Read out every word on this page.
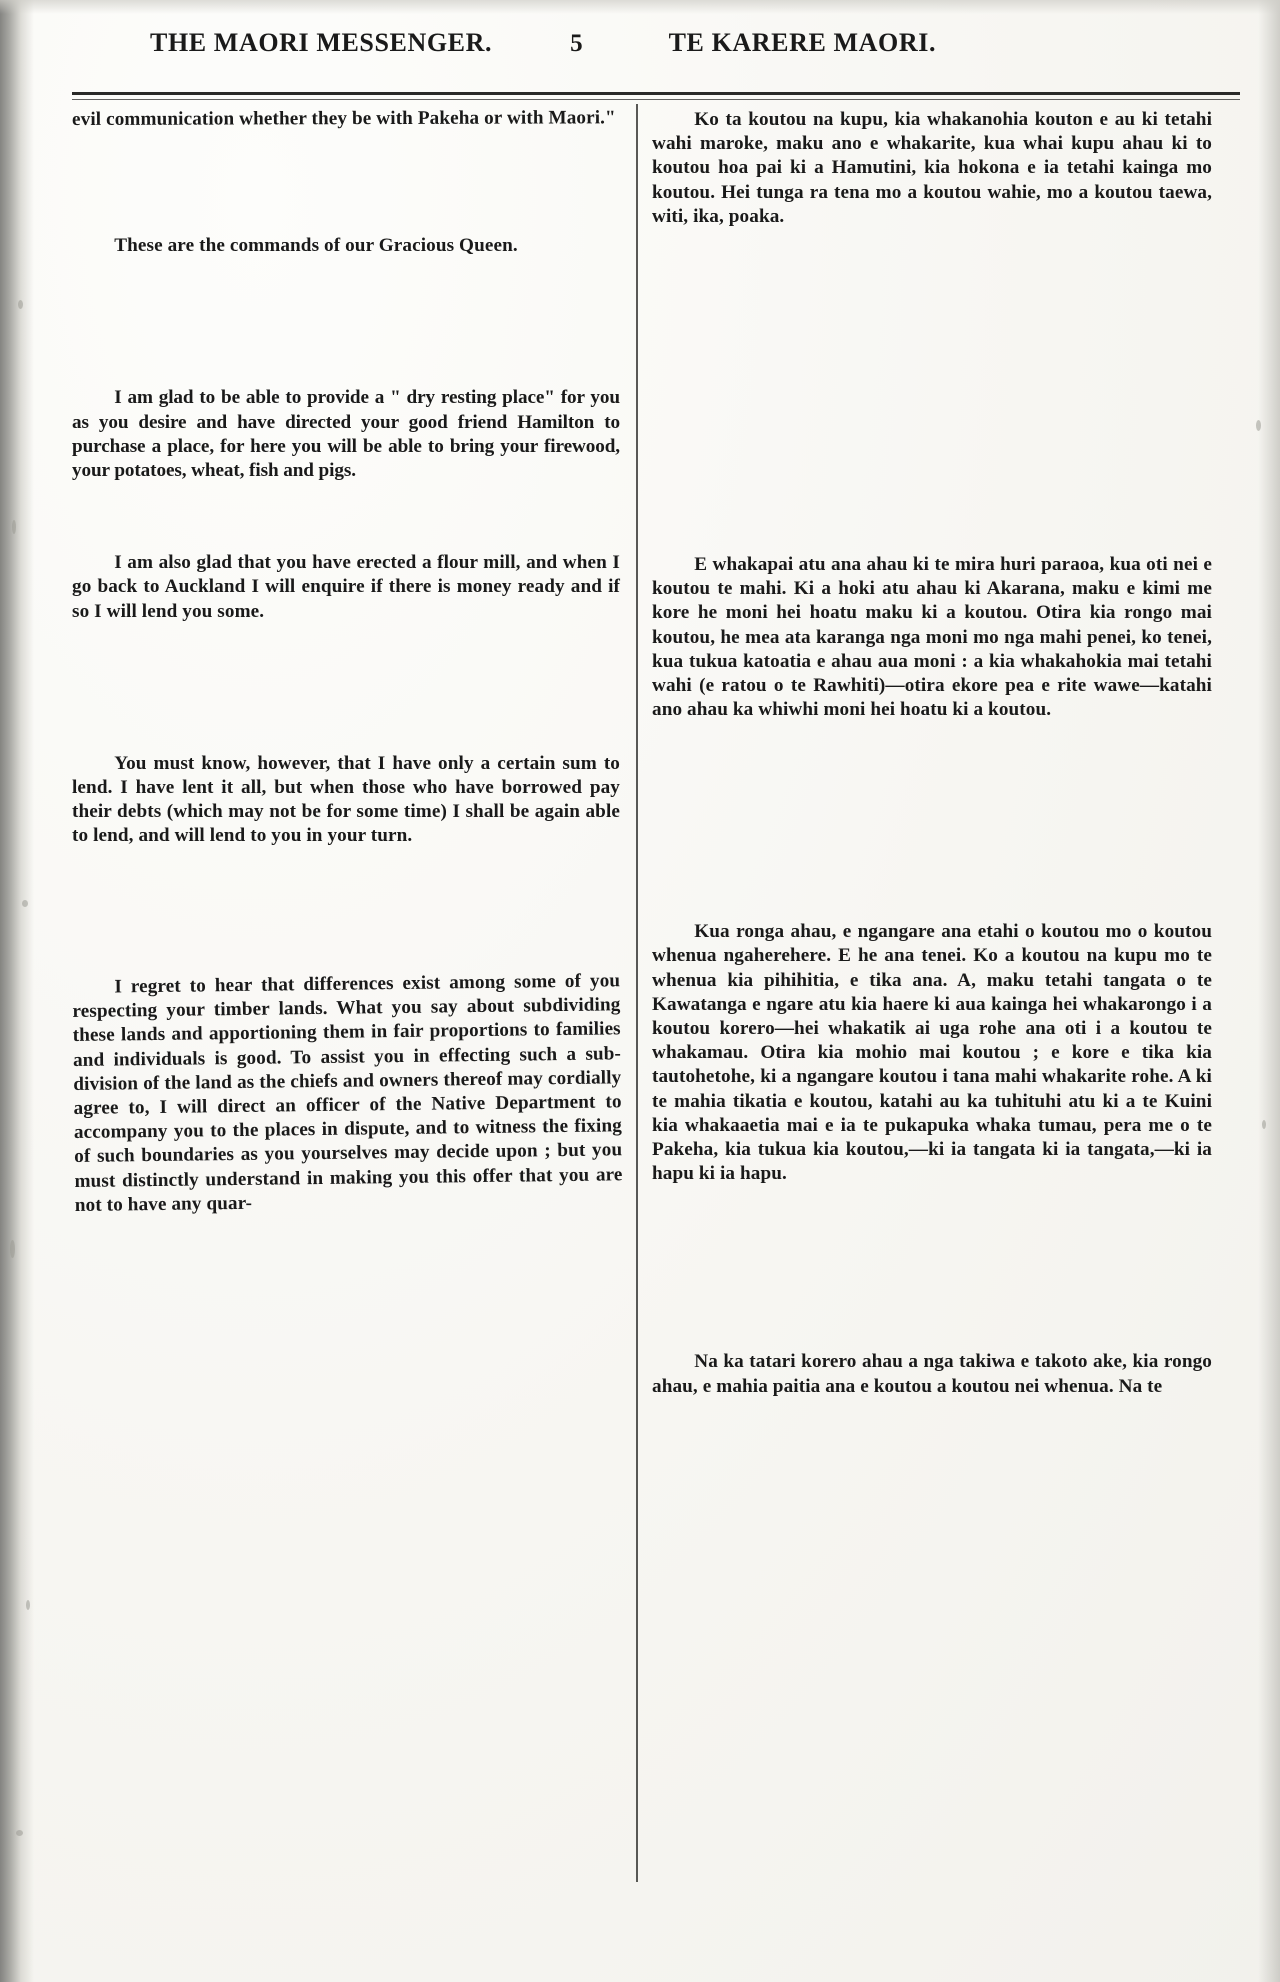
THE MAORI MESSENGER.	5	TE KARERE MAORI.

evil communication whether they be with Pakeha or with Maori."

These are the commands of our Gracious Queen.

I am glad to be able to provide a " dry resting place" for you as you desire and have directed your good friend Hamilton to purchase a place, for here you will be able to bring your firewood, your potatoes, wheat, fish and pigs.

I am also glad that you have erected a flour mill, and when I go back to Auckland I will enquire if there is money ready and if so I will lend you some.

You must know, however, that I have only a certain sum to lend. I have lent it all, but when those who have borrowed pay their debts (which may not be for some time) I shall be again able to lend, and will lend to you in your turn.

I regret to hear that differences exist among some of you respecting your timber lands. What you say about subdividing these lands and apportioning them in fair proportions to families and individuals is good. To assist you in effecting such a sub-division of the land as the chiefs and owners thereof may cordially agree to, I will direct an officer of the Native Department to accompany you to the places in dispute, and to witness the fixing of such boundaries as you yourselves may decide upon ; but you must distinctly understand in making you this offer that you are not to have any quar-

Ko ta koutou na kupu, kia whakanohia kouton e au ki tetahi wahi maroke, maku ano e whakarite, kua whai kupu ahau ki to koutou hoa pai ki a Hamutini, kia hokona e ia tetahi kainga mo koutou. Hei tunga ra tena mo a koutou wahie, mo a koutou taewa, witi, ika, poaka.

E whakapai atu ana ahau ki te mira huri paraoa, kua oti nei e koutou te mahi. Ki a hoki atu ahau ki Akarana, maku e kimi me kore he moni hei hoatu maku ki a koutou. Otira kia rongo mai koutou, he mea ata karanga nga moni mo nga mahi penei, ko tenei, kua tukua katoatia e ahau aua moni : a kia whakahokia mai tetahi wahi (e ratou o te Rawhiti)—otira ekore pea e rite wawe—katahi ano ahau ka whiwhi moni hei hoatu ki a koutou.

Kua ronga ahau, e ngangare ana etahi o koutou mo o koutou whenua ngaherehere. E he ana tenei. Ko a koutou na kupu mo te whenua kia pihihitia, e tika ana. A, maku tetahi tangata o te Kawatanga e ngare atu kia haere ki aua kainga hei whakarongo i a koutou korero—hei whakatik ai uga rohe ana oti i a koutou te whakamau. Otira kia mohio mai koutou ; e kore e tika kia tautohetohe, ki a ngangare koutou i tana mahi whakarite rohe. A ki te mahia tikatia e koutou, katahi au ka tuhituhi atu ki a te Kuini kia whakaaetia mai e ia te pukapuka whaka tumau, pera me o te Pakeha, kia tukua kia koutou,—ki ia tangata ki ia tangata,—ki ia hapu ki ia hapu.

Na ka tatari korero ahau a nga takiwa e takoto ake, kia rongo ahau, e mahia paitia ana e koutou a koutou nei whenua. Na te
